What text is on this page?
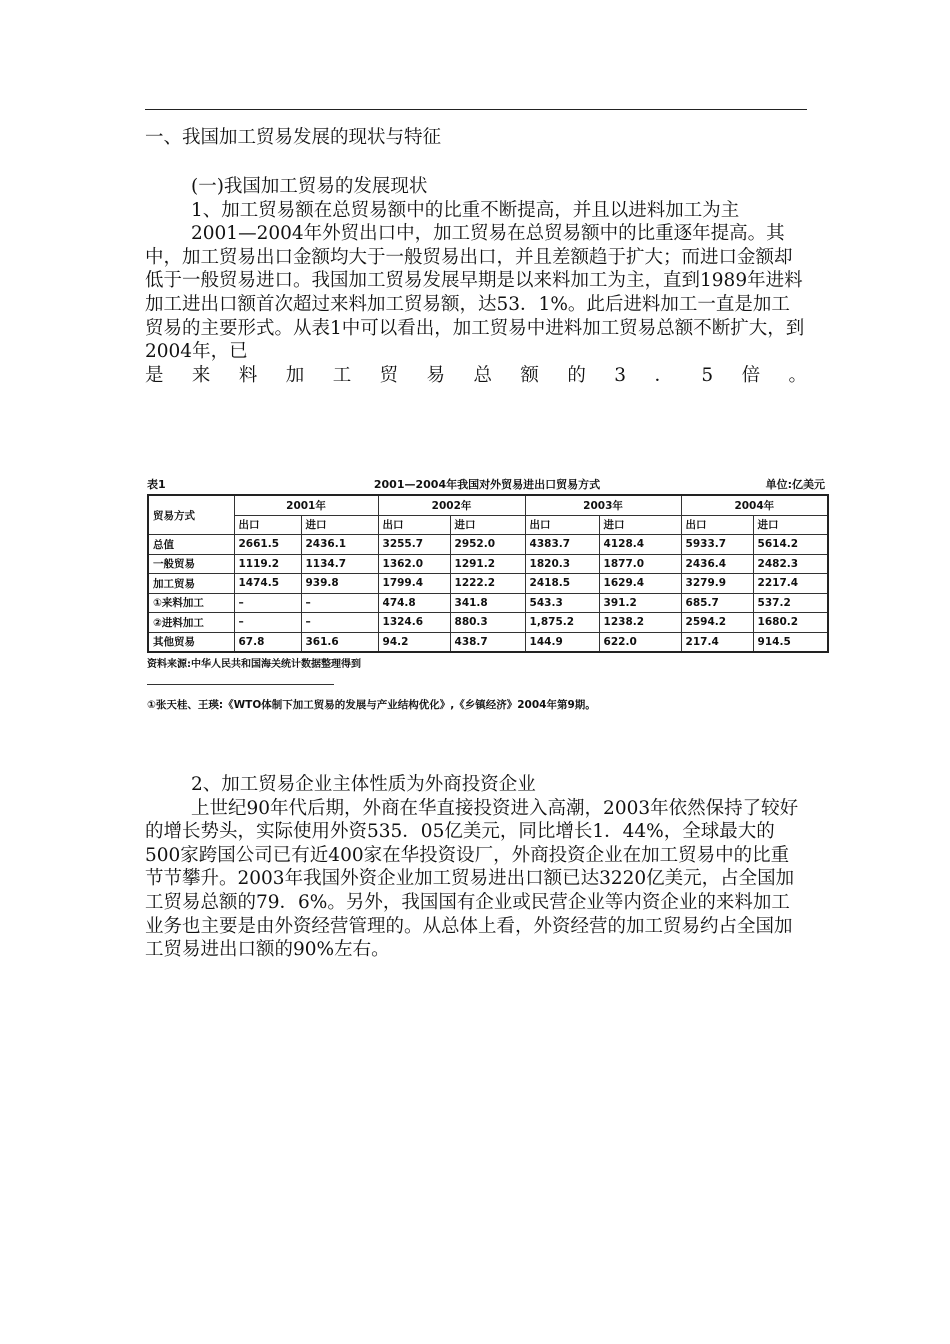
一、我国加工贸易发展的现状与特征

(一)我国加工贸易的发展现状

1、加工贸易额在总贸易额中的比重不断提高，并且以进料加工为主

2001—2004年外贸出口中，加工贸易在总贸易额中的比重逐年提高。其中，加工贸易出口金额均大于一般贸易出口，并且差额趋于扩大；而进口金额却低于一般贸易进口。我国加工贸易发展早期是以来料加工为主，直到1989年进料加工进出口额首次超过来料加工贸易额，达53．1%。此后进料加工一直是加工贸易的主要形式。从表1中可以看出，加工贸易中进料加工贸易总额不断扩大，到2004年，已

是来料加工贸易总额的3．5倍。

表1	2001—2004年我国对外贸易进出口贸易方式	单位:亿美元
贸易方式	2001年		2002年		2003年		2004年	
	出口	进口	出口	进口	出口	进口	出口	进口
总值	2661.5	2436.1	3255.7	2952.0	4383.7	4128.4	5933.7	5614.2
一般贸易	1119.2	1134.7	1362.0	1291.2	1820.3	1877.0	2436.4	2482.3
加工贸易	1474.5	939.8	1799.4	1222.2	2418.5	1629.4	3279.9	2217.4
①来料加工	–	–	474.8	341.8	543.3	391.2	685.7	537.2
②进料加工	–	–	1324.6	880.3	1,875.2	1238.2	2594.2	1680.2
其他贸易	67.8	361.6	94.2	438.7	144.9	622.0	217.4	914.5
资料来源:中华人民共和国海关统计数据整理得到
①张天桂、王瑛:《WTO体制下加工贸易的发展与产业结构优化》,《乡镇经济》2004年第9期。

2、加工贸易企业主体性质为外商投资企业

上世纪90年代后期，外商在华直接投资进入高潮，2003年依然保持了较好的增长势头，实际使用外资535．05亿美元，同比增长1．44%，全球最大的500家跨国公司已有近400家在华投资设厂，外商投资企业在加工贸易中的比重节节攀升。2003年我国外资企业加工贸易进出口额已达3220亿美元，占全国加工贸易总额的79．6%。另外，我国国有企业或民营企业等内资企业的来料加工业务也主要是由外资经营管理的。从总体上看，外资经营的加工贸易约占全国加工贸易进出口额的90%左右。
